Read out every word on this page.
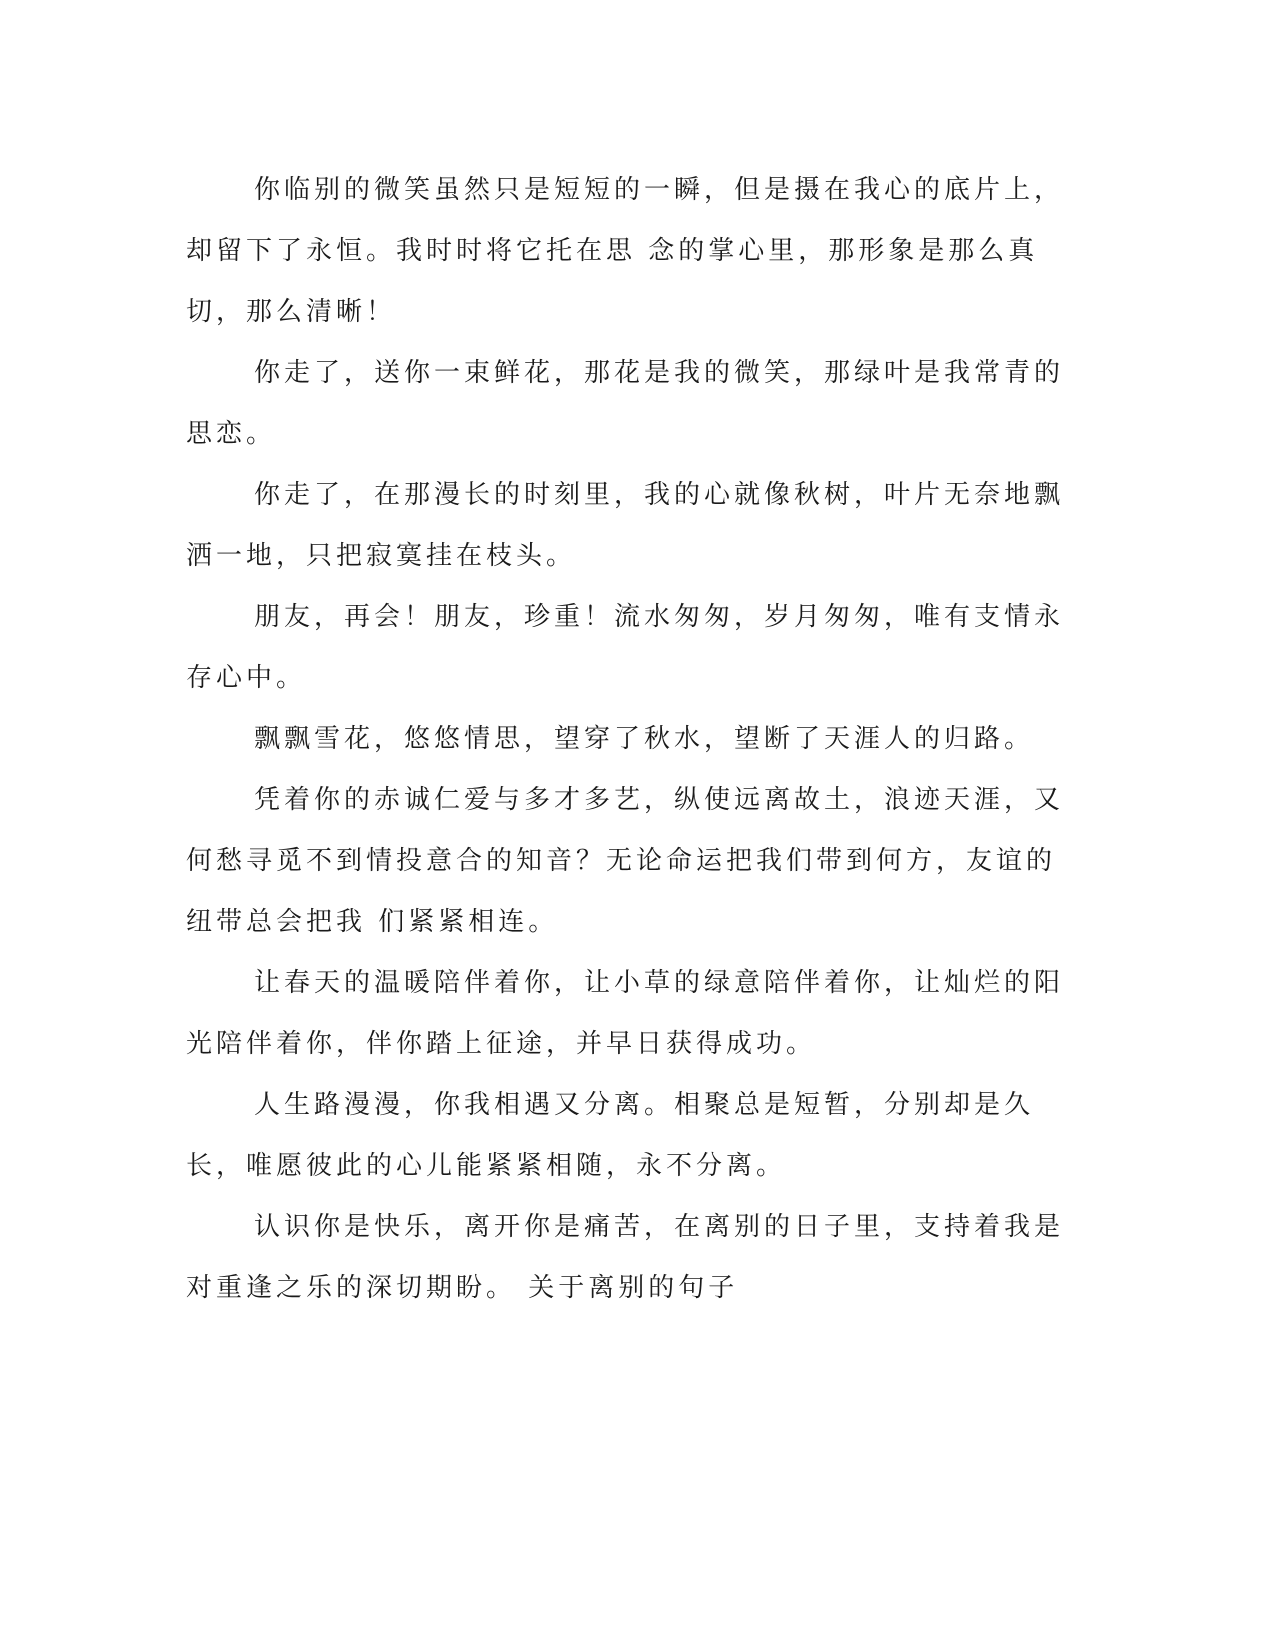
你临别的微笑虽然只是短短的一瞬，但是摄在我心的底片上，却留下了永恒。我时时将它托在思 念的掌心里，那形象是那么真切，那么清晰！

你走了，送你一束鲜花，那花是我的微笑，那绿叶是我常青的思恋。

你走了，在那漫长的时刻里，我的心就像秋树，叶片无奈地飘洒一地，只把寂寞挂在枝头。

朋友，再会！朋友，珍重！流水匆匆，岁月匆匆，唯有支情永存心中。

飘飘雪花，悠悠情思，望穿了秋水，望断了天涯人的归路。

凭着你的赤诚仁爱与多才多艺，纵使远离故土，浪迹天涯，又何愁寻觅不到情投意合的知音？无论命运把我们带到何方，友谊的纽带总会把我 们紧紧相连。

让春天的温暖陪伴着你，让小草的绿意陪伴着你，让灿烂的阳光陪伴着你，伴你踏上征途，并早日获得成功。

人生路漫漫，你我相遇又分离。相聚总是短暂，分别却是久长，唯愿彼此的心儿能紧紧相随，永不分离。

认识你是快乐，离开你是痛苦，在离别的日子里，支持着我是对重逢之乐的深切期盼。 关于离别的句子
